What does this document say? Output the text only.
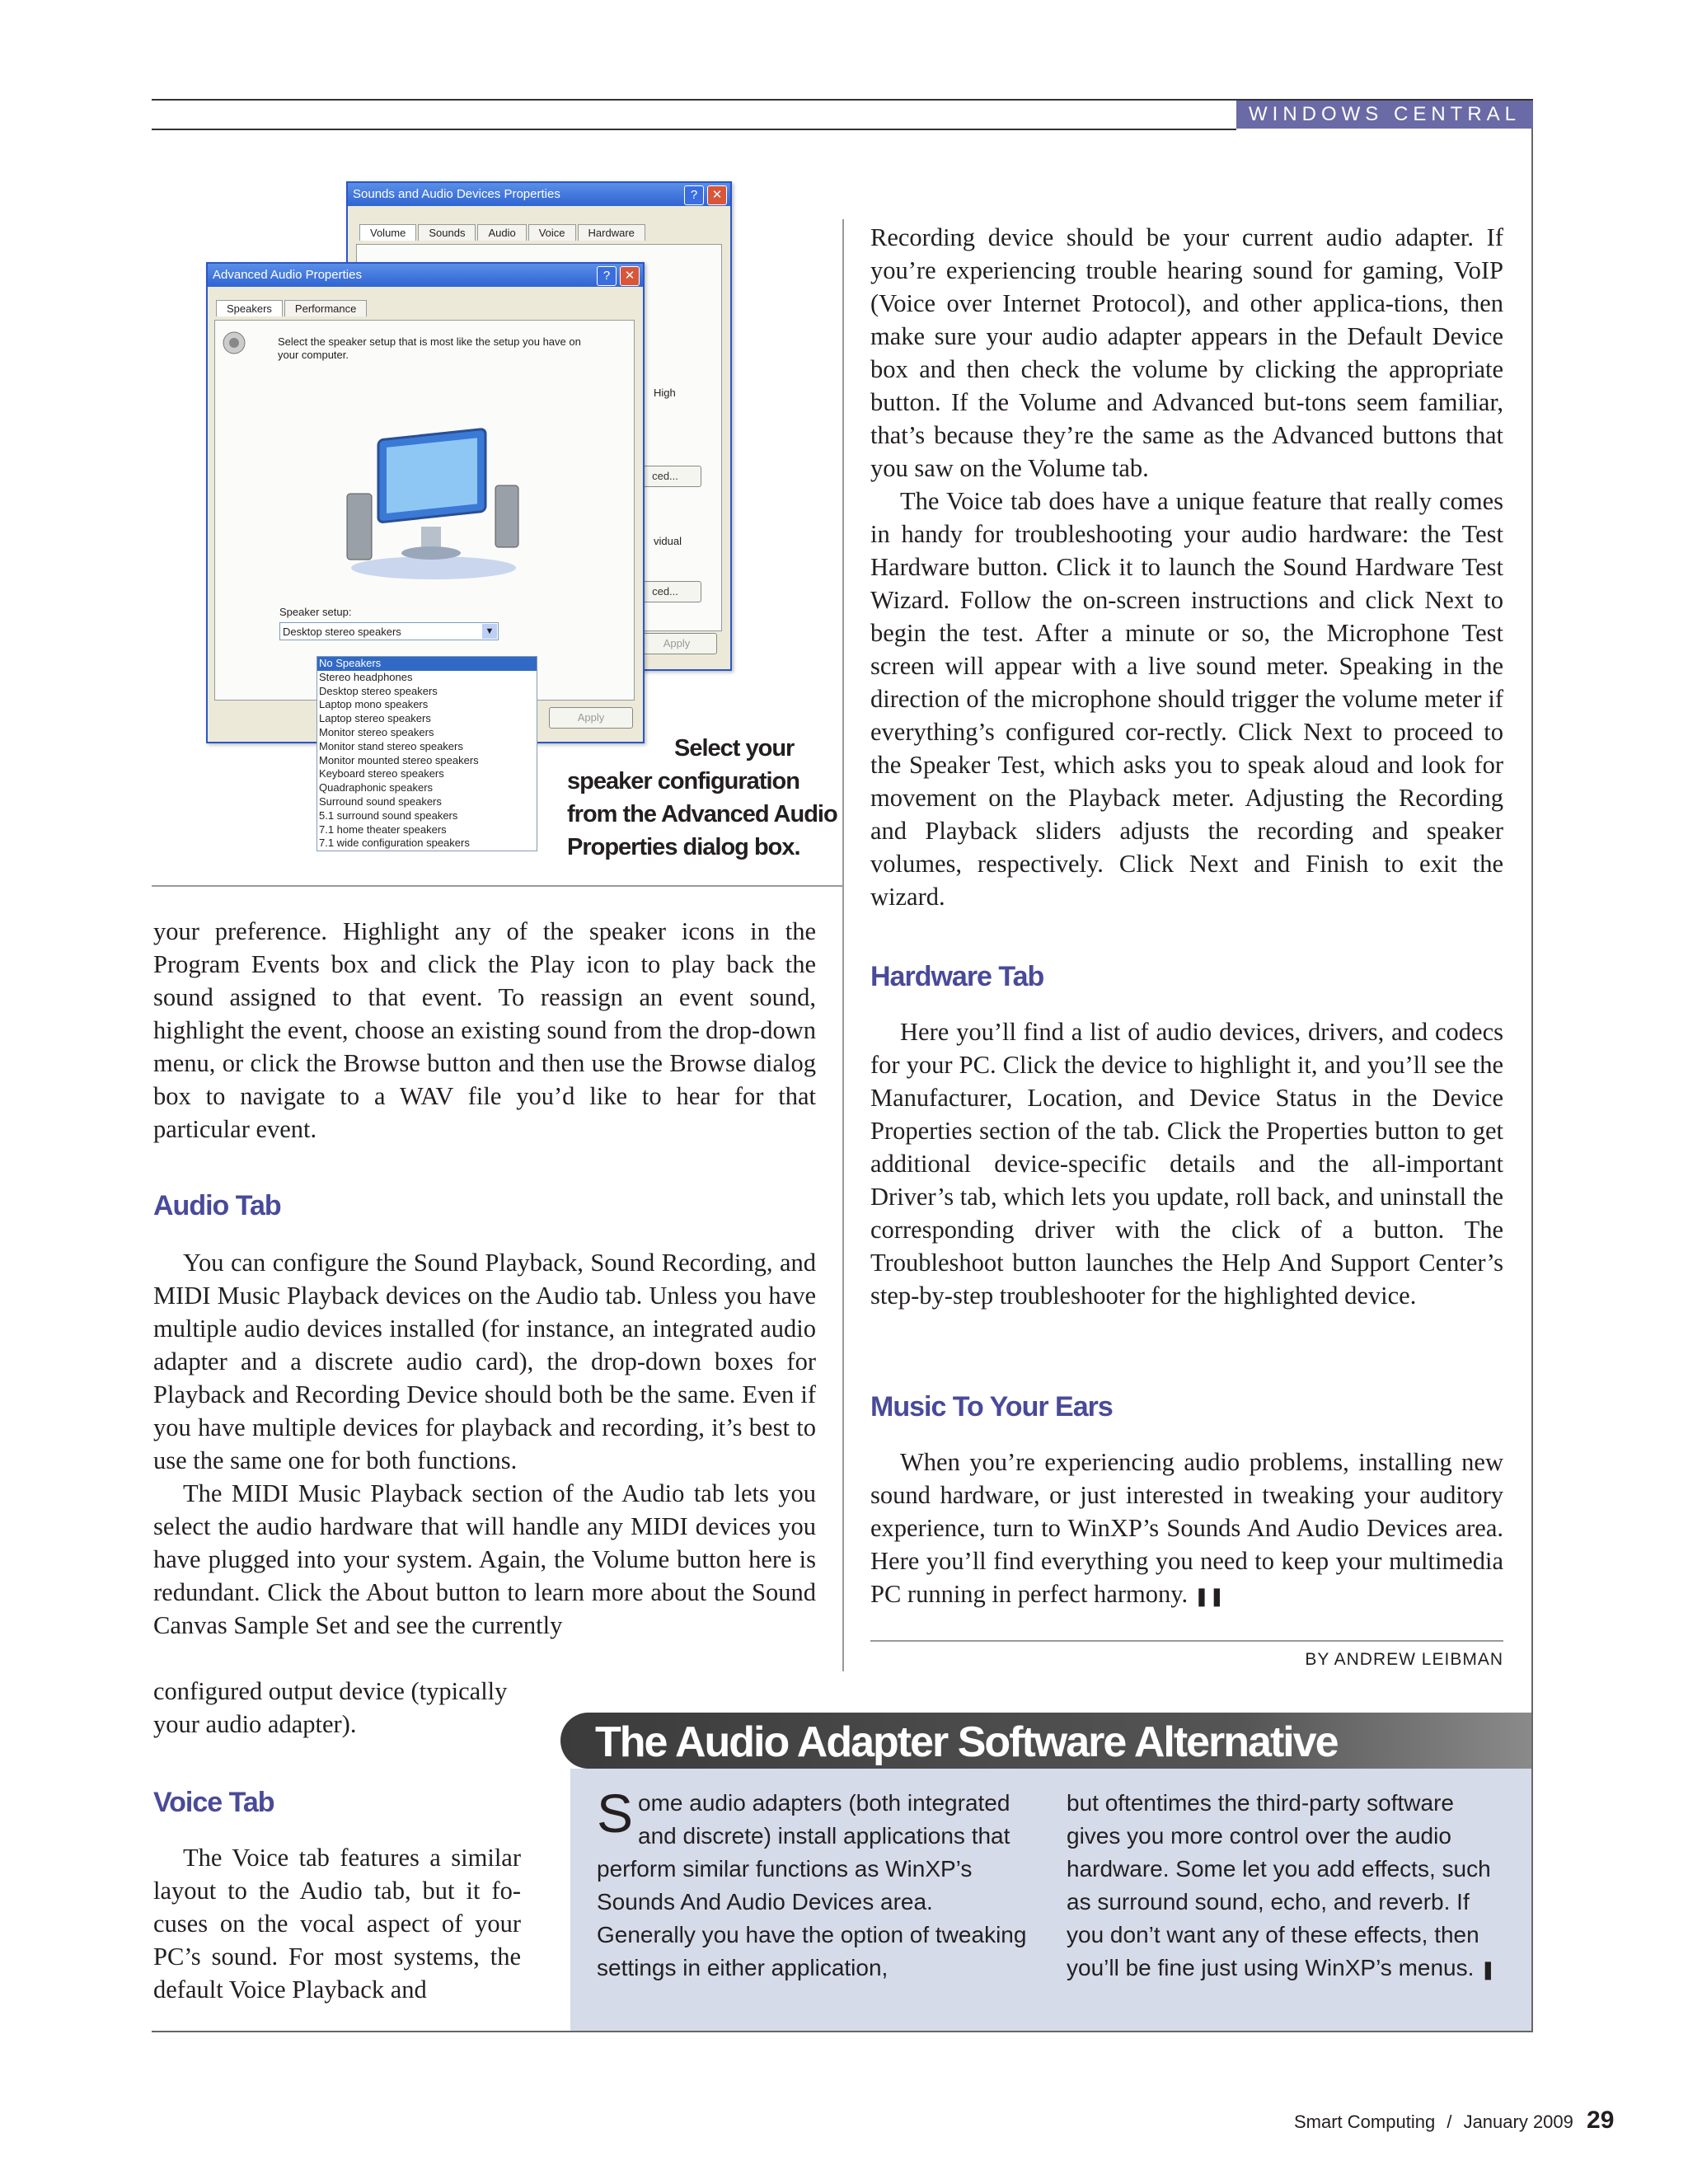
WINDOWS CENTRAL
Sounds and Audio Devices Properties	?	✕
Volume Sounds Audio Voice Hardware
High
ced...
vidual
ced...
Apply
Advanced Audio Properties	?	✕
Speakers Performance
Select the speaker setup that is most like the setup you have on your computer.
Speaker setup:
Desktop stereo speakers	▼
Apply
No Speakers
Stereo headphones
Desktop stereo speakers
Laptop mono speakers
Laptop stereo speakers
Monitor stereo speakers
Monitor stand stereo speakers
Monitor mounted stereo speakers
Keyboard stereo speakers
Quadraphonic speakers
Surround sound speakers
5.1 surround sound speakers
7.1 home theater speakers
7.1 wide configuration speakers
Select your
speaker configuration
from the Advanced Audio
Properties dialog box.

your preference. Highlight any of the speaker icons in the Program Events box and click the Play icon to play back the sound assigned to that event. To reassign an event sound, highlight the event, choose an existing sound from the drop-down menu, or click the Browse button and then use the Browse dialog box to navigate to a WAV file you’d like to hear for that particular event.

Audio Tab

You can configure the Sound Playback, Sound Recording, and MIDI Music Playback devices on the Audio tab. Unless you have multiple audio devices installed (for instance, an integrated audio adapter and a discrete audio card), the drop-down boxes for Playback and Recording Device should both be the same. Even if you have multiple devices for playback and recording, it’s best to use the same one for both functions.

The MIDI Music Playback section of the Audio tab lets you select the audio hardware that will handle any MIDI devices you have plugged into your system. Again, the Volume button here is redundant. Click the About button to learn more about the Sound Canvas Sample Set and see the currently

configured output device (typically
your audio adapter).
Voice Tab

The Voice tab features a similar layout to the Audio tab, but it fo-cuses on the vocal aspect of your PC’s sound. For most systems, the default Voice Playback and

Recording device should be your current audio adapter. If you’re experiencing trouble hearing sound for gaming, VoIP (Voice over Internet Protocol), and other applica-tions, then make sure your audio adapter appears in the Default Device box and then check the volume by clicking the appropriate button. If the Volume and Advanced but-tons seem familiar, that’s because they’re the same as the Advanced buttons that you saw on the Volume tab.

The Voice tab does have a unique feature that really comes in handy for troubleshooting your audio hardware: the Test Hardware button. Click it to launch the Sound Hardware Test Wizard. Follow the on-screen instructions and click Next to begin the test. After a minute or so, the Microphone Test screen will appear with a live sound meter. Speaking in the direction of the microphone should trigger the volume meter if everything’s configured cor-rectly. Click Next to proceed to the Speaker Test, which asks you to speak aloud and look for movement on the Playback meter. Adjusting the Recording and Playback sliders adjusts the recording and speaker volumes, respectively. Click Next and Finish to exit the wizard.

Hardware Tab

Here you’ll find a list of audio devices, drivers, and codecs for your PC. Click the device to highlight it, and you’ll see the Manufacturer, Location, and Device Status in the Device Properties section of the tab. Click the Properties button to get additional device-specific details and the all-important Driver’s tab, which lets you update, roll back, and uninstall the corresponding driver with the click of a button. The Troubleshoot button launches the Help And Support Center’s step-by-step troubleshooter for the highlighted device.

Music To Your Ears

When you’re experiencing audio problems, installing new sound hardware, or just interested in tweaking your auditory experience, turn to WinXP’s Sounds And Audio Devices area. Here you’ll find everything you need to keep your multimedia PC running in perfect harmony. ❚❚

BY ANDREW LEIBMAN
The Audio Adapter Software Alternative
Some audio adapters (both integrated and discrete) install applications that perform similar functions as WinXP’s Sounds And Audio Devices area. Generally you have the option of tweaking settings in either application,
but oftentimes the third-party software gives you more control over the audio hardware. Some let you add effects, such as surround sound, echo, and reverb. If you don’t want any of these effects, then you’ll be fine just using WinXP’s menus. ❚
Smart Computing / January 2009 29
